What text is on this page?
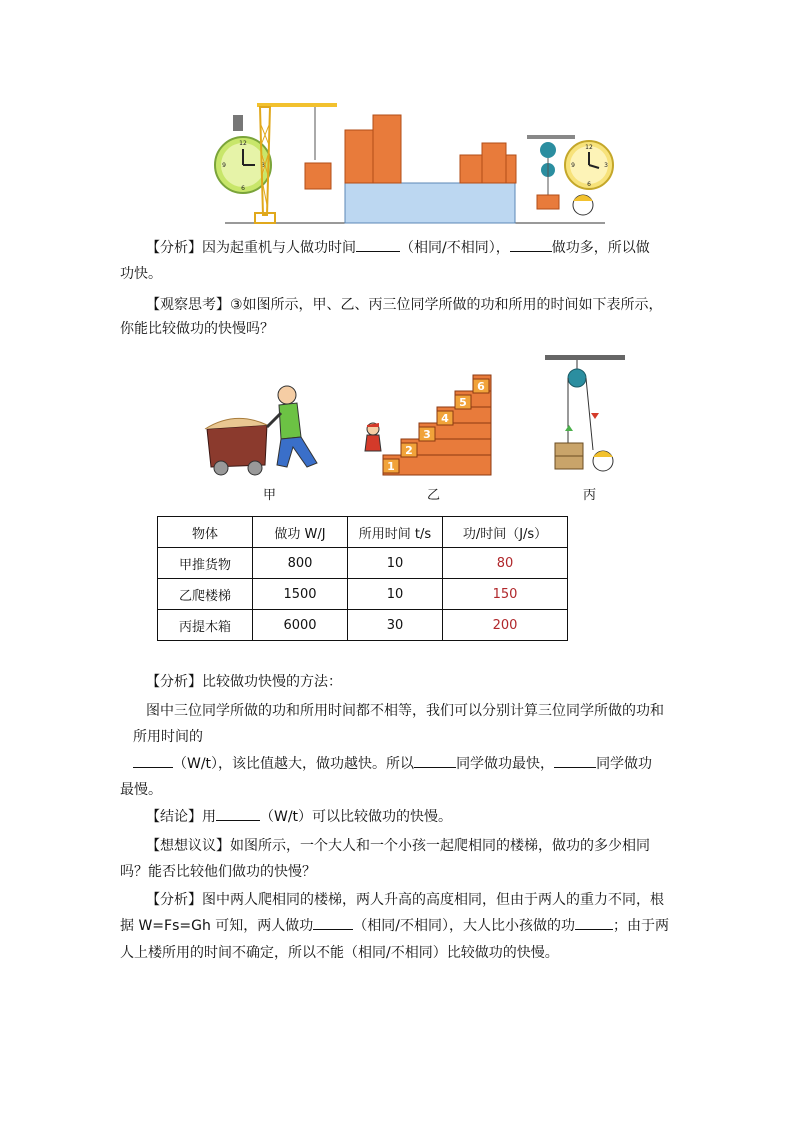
12
3
6
9
12
3
6
9
【分析】因为起重机与人做功时间	（相同/不相同），	做功多，所以做
功快。
【观察思考】③如图所示，甲、乙、丙三位同学所做的功和所用的时间如下表所示，
你能比较做功的快慢吗？
1
2
3
4
5
6
甲	乙	丙
物体	做功 W/J	所用时间 t/s	功/时间（J/s）
甲推货物	800	10	80
乙爬楼梯	1500	10	150
丙提木箱	6000	30	200
【分析】比较做功快慢的方法：
图中三位同学所做的功和所用时间都不相等，我们可以分别计算三位同学所做的功和
所用时间的
（W/t），该比值越大，做功越快。所以	同学做功最快，	同学做功
最慢。
【结论】用	（W/t）可以比较做功的快慢。
【想想议议】如图所示，一个大人和一个小孩一起爬相同的楼梯，做功的多少相同
吗？能否比较他们做功的快慢？
【分析】图中两人爬相同的楼梯，两人升高的高度相同，但由于两人的重力不同，根
据 W=Fs=Gh 可知，两人做功	（相同/不相同），大人比小孩做的功	；由于两
人上楼所用的时间不确定，所以不能（相同/不相同）比较做功的快慢。
